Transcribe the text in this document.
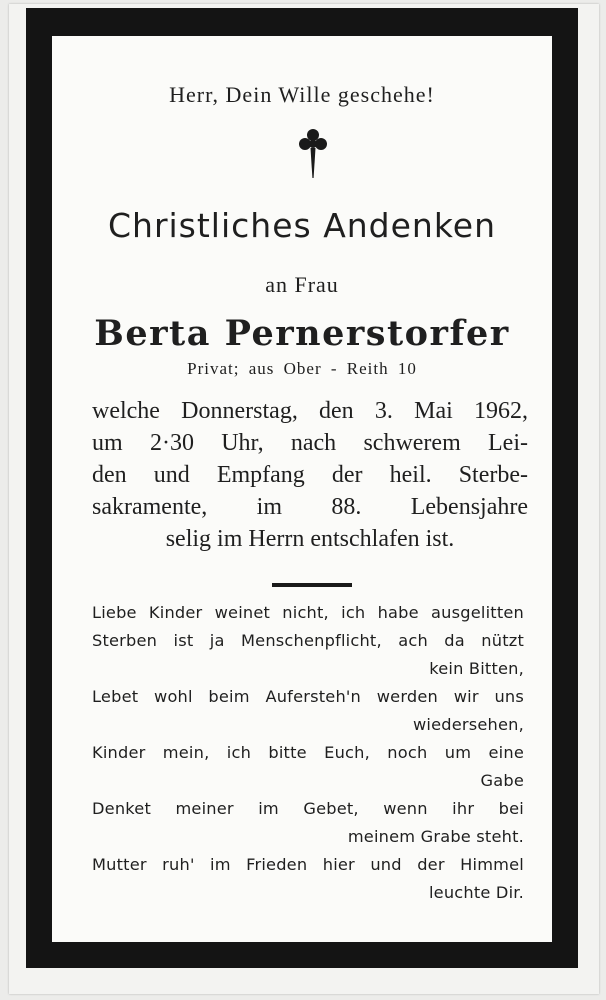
Herr, Dein Wille geschehe!
Christliches Andenken
an Frau
Berta Pernerstorfer
Privat; aus Ober - Reith 10
welche Donnerstag, den 3. Mai 1962,
um 2·30 Uhr, nach schwerem Lei-
den und Empfang der heil. Sterbe-
sakramente, im 88. Lebensjahre
selig im Herrn entschlafen ist.
Liebe Kinder weinet nicht, ich habe ausgelitten
Sterben ist ja Menschenpflicht, ach da nützt
kein Bitten,
Lebet wohl beim Aufersteh'n werden wir uns
wiedersehen,
Kinder mein, ich bitte Euch, noch um eine
Gabe
Denket meiner im Gebet, wenn ihr bei
meinem Grabe steht.
Mutter ruh' im Frieden hier und der Himmel
leuchte Dir.
